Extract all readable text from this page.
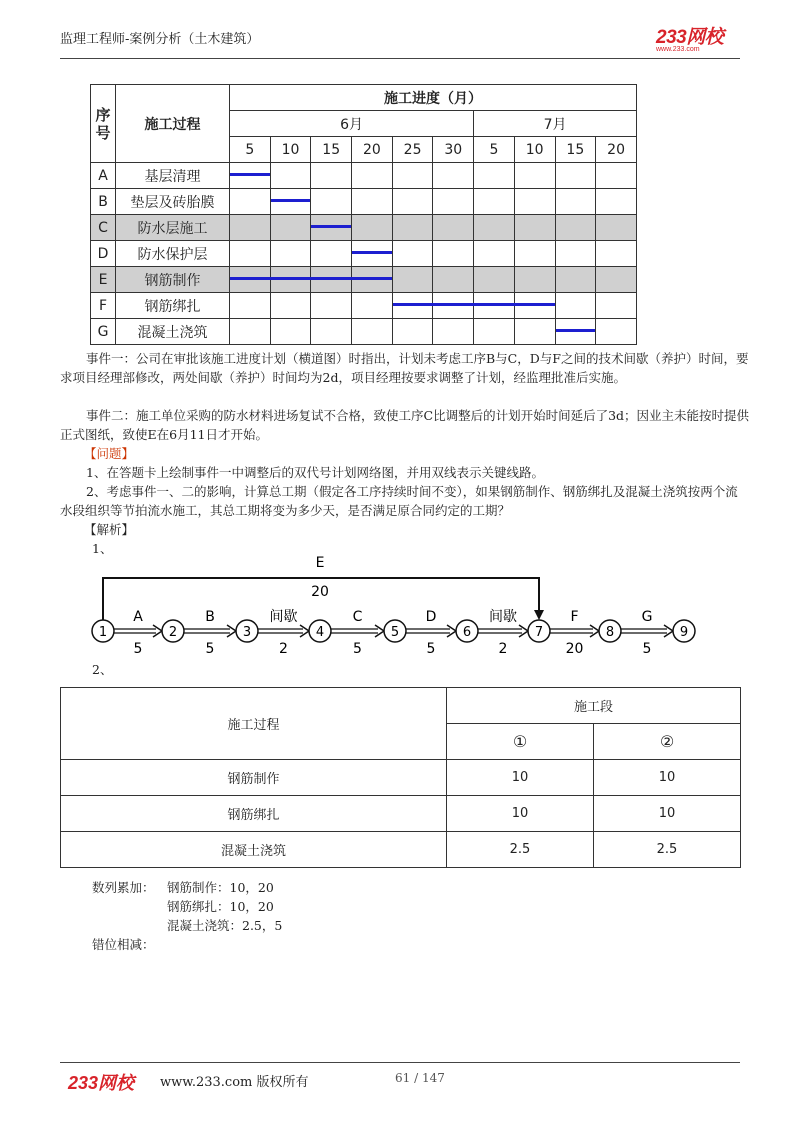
监理工程师-案例分析（土木建筑）	233网校
www.233.com
序号	施工过程	施工进度（月）									
		6月						7月			
		5	10	15	20	25	30	5	10	15	20
A	基层清理	

B	垫层及砖胎膜		

C	防水层施工			

D	防水保护层				

E	钢筋制作	

F	钢筋绑扎					

G	混凝土浇筑									

事件一：公司在审批该施工进度计划（横道图）时指出，计划未考虑工序B与C，D与F之间的技术间歇（养护）时间，要求项目经理部修改，两处间歇（养护）时间均为2d，项目经理按要求调整了计划，经监理批准后实施。
事件二：施工单位采购的防水材料进场复试不合格，致使工序C比调整后的计划开始时间延后了3d；因业主未能按时提供正式图纸，致使E在6月11日才开始。
【问题】
1、在答题卡上绘制事件一中调整后的双代号计划网络图，并用双线表示关键线路。
2、考虑事件一、二的影响，计算总工期（假定各工序持续时间不变），如果钢筋制作、钢筋绑扎及混凝土浇筑按两个流水段组织等节拍流水施工，其总工期将变为多少天，是否满足原合同约定的工期？
【解析】
1、
E
20
A
5
B
5
间歇
2
C
5
D
5
间歇
2
F
20
G
5
1	2	3	4	5	6	7	8	9
2、
施工过程	施工段	
	①	②
钢筋制作	10	10
钢筋绑扎	10	10
混凝土浇筑	2.5	2.5
数列累加： 钢筋制作：10，20
钢筋绑扎：10，20
混凝土浇筑：2.5，5
错位相减：
233网校 www.233.com 版权所有	61 / 147
